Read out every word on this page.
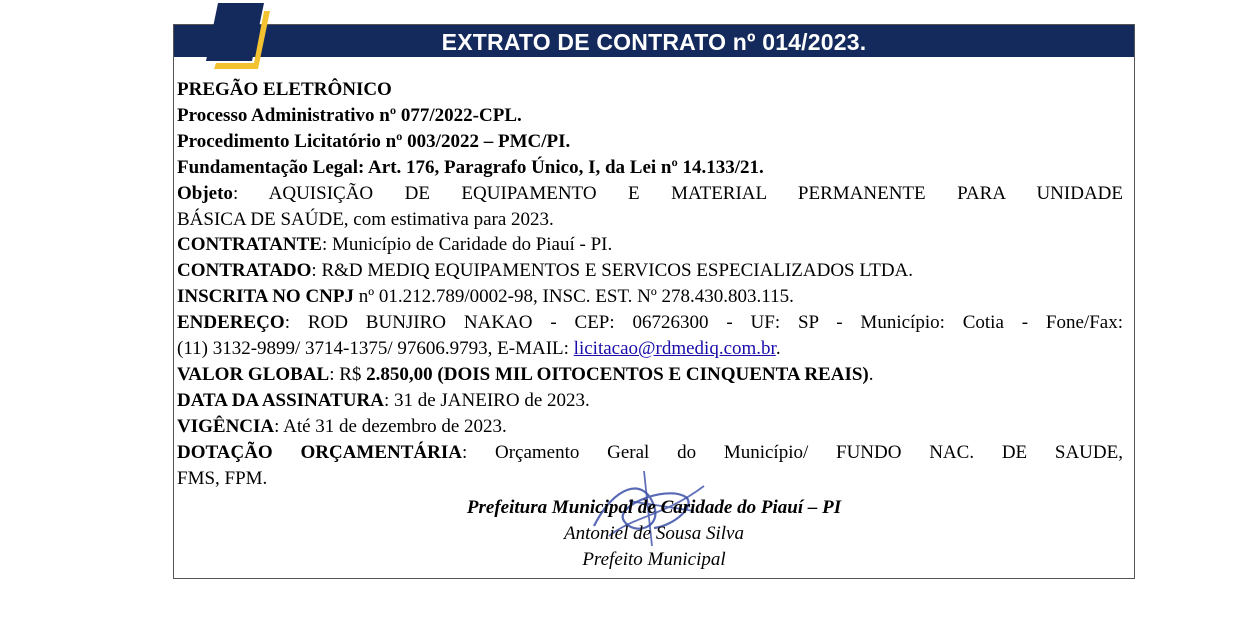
EXTRATO DE CONTRATO nº 014/2023.
PREGÃO ELETRÔNICO
Processo Administrativo nº 077/2022-CPL.
Procedimento Licitatório nº 003/2022 – PMC/PI.
Fundamentação Legal: Art. 176, Paragrafo Único, I, da Lei nº 14.133/21.
Objeto: AQUISIÇÃO DE EQUIPAMENTO E MATERIAL PERMANENTE PARA UNIDADE
BÁSICA DE SAÚDE, com estimativa para 2023.
CONTRATANTE: Município de Caridade do Piauí - PI.
CONTRATADO: R&D MEDIQ EQUIPAMENTOS E SERVICOS ESPECIALIZADOS LTDA.
INSCRITA NO CNPJ nº 01.212.789/0002-98, INSC. EST. Nº 278.430.803.115.
ENDEREÇO: ROD BUNJIRO NAKAO - CEP: 06726300 - UF: SP - Município: Cotia - Fone/Fax:
(11) 3132-9899/ 3714-1375/ 97606.9793, E-MAIL: licitacao@rdmediq.com.br.
VALOR GLOBAL: R$ 2.850,00 (DOIS MIL OITOCENTOS E CINQUENTA REAIS).
DATA DA ASSINATURA: 31 de JANEIRO de 2023.
VIGÊNCIA: Até 31 de dezembro de 2023.
DOTAÇÃO ORÇAMENTÁRIA: Orçamento Geral do Município/ FUNDO NAC. DE SAUDE,
FMS, FPM.
Prefeitura Municipal de Caridade do Piauí – PI
Antoniel de Sousa Silva
Prefeito Municipal
